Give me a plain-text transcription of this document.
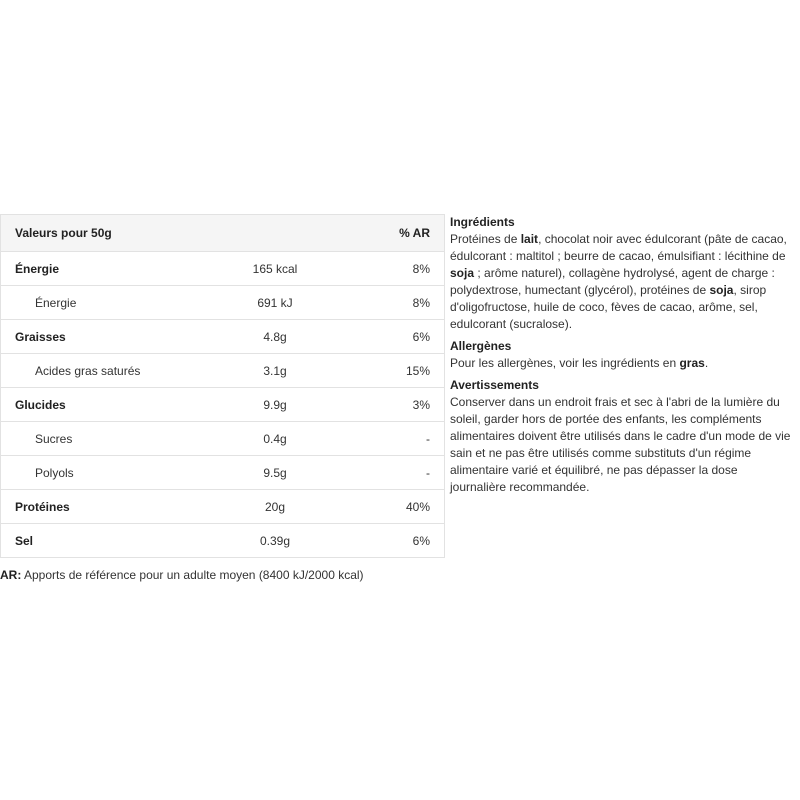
Valeurs pour 50g		% AR
Énergie	165 kcal	8%
Énergie	691 kJ	8%
Graisses	4.8g	6%
Acides gras saturés	3.1g	15%
Glucides	9.9g	3%
Sucres	0.4g	-
Polyols	9.5g	-
Protéines	20g	40%
Sel	0.39g	6%
AR: Apports de référence pour un adulte moyen (8400 kJ/2000 kcal)

Ingrédients

Protéines de lait, chocolat noir avec édulcorant (pâte de cacao, édulcorant : maltitol ; beurre de cacao, émulsifiant : lécithine de soja ; arôme naturel), collagène hydrolysé, agent de charge : polydextrose, humectant (glycérol), protéines de soja, sirop d'oligofructose, huile de coco, fèves de cacao, arôme, sel, edulcorant (sucralose).

Allergènes

Pour les allergènes, voir les ingrédients en gras.

Avertissements

Conserver dans un endroit frais et sec à l'abri de la lumière du soleil, garder hors de portée des enfants, les compléments alimentaires doivent être utilisés dans le cadre d'un mode de vie sain et ne pas être utilisés comme substituts d'un régime alimentaire varié et équilibré, ne pas dépasser la dose journalière recommandée.
